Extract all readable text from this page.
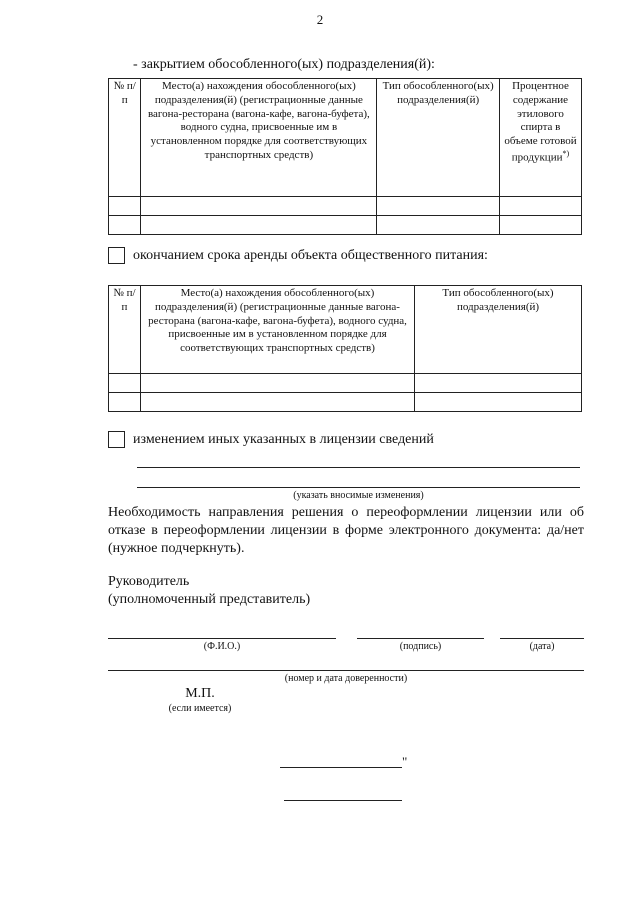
2
- закрытием обособленного(ых) подразделения(й):
№ п/п	Место(а) нахождения обособленного(ых) подразделения(й) (регистрационные данные вагона-ресторана (вагона-кафе, вагона-буфета), водного судна, присвоенные им в установленном порядке для соответствующих транспортных средств)	Тип обособленного(ых) подразделения(й)	Процентное содержание этилового спирта в объеме готовой продукции*)

окончанием срока аренды объекта общественного питания:
№ п/п	Место(а) нахождения обособленного(ых) подразделения(й) (регистрационные данные вагона-ресторана (вагона-кафе, вагона-буфета), водного судна, присвоенные им в установленном порядке для соответствующих транспортных средств)	Тип обособленного(ых) подразделения(й)

изменением иных указанных в лицензии сведений
(указать вносимые изменения)
Необходимость направления решения о переоформлении лицензии или об отказе в переоформлении лицензии в форме электронного документа: да/нет (нужное подчеркнуть).
Руководитель
(уполномоченный представитель)
(Ф.И.О.)	(подпись)	(дата)
(номер и дата доверенности)
М.П.
(если имеется)
"
